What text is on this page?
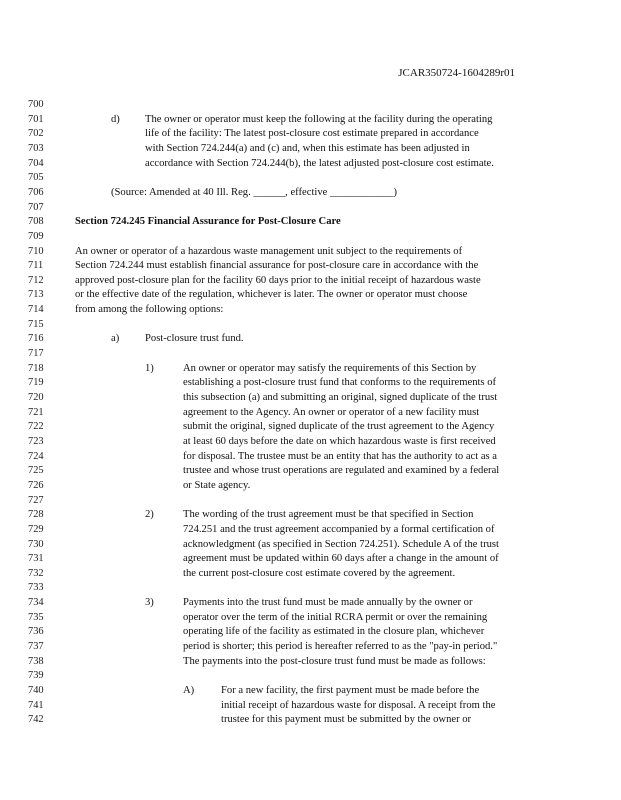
JCAR350724-1604289r01
700
701	d) The owner or operator must keep the following at the facility during the operating
702	life of the facility: The latest post-closure cost estimate prepared in accordance
703	with Section 724.244(a) and (c) and, when this estimate has been adjusted in
704	accordance with Section 724.244(b), the latest adjusted post-closure cost estimate.
705
706	(Source: Amended at 40 Ill. Reg. ______, effective ____________)
707
708	Section 724.245 Financial Assurance for Post-Closure Care
709
710	An owner or operator of a hazardous waste management unit subject to the requirements of
711	Section 724.244 must establish financial assurance for post-closure care in accordance with the
712	approved post-closure plan for the facility 60 days prior to the initial receipt of hazardous waste
713	or the effective date of the regulation, whichever is later. The owner or operator must choose
714	from among the following options:
715
716	a) Post-closure trust fund.
717
718	1)	An owner or operator may satisfy the requirements of this Section by
719	establishing a post-closure trust fund that conforms to the requirements of
720	this subsection (a) and submitting an original, signed duplicate of the trust
721	agreement to the Agency. An owner or operator of a new facility must
722	submit the original, signed duplicate of the trust agreement to the Agency
723	at least 60 days before the date on which hazardous waste is first received
724	for disposal. The trustee must be an entity that has the authority to act as a
725	trustee and whose trust operations are regulated and examined by a federal
726	or State agency.
727
728	2)	The wording of the trust agreement must be that specified in Section
729	724.251 and the trust agreement accompanied by a formal certification of
730	acknowledgment (as specified in Section 724.251). Schedule A of the trust
731	agreement must be updated within 60 days after a change in the amount of
732	the current post-closure cost estimate covered by the agreement.
733
734	3)	Payments into the trust fund must be made annually by the owner or
735	operator over the term of the initial RCRA permit or over the remaining
736	operating life of the facility as estimated in the closure plan, whichever
737	period is shorter; this period is hereafter referred to as the "pay-in period."
738	The payments into the post-closure trust fund must be made as follows:
739
740	A)	For a new facility, the first payment must be made before the
741	initial receipt of hazardous waste for disposal. A receipt from the
742	trustee for this payment must be submitted by the owner or
